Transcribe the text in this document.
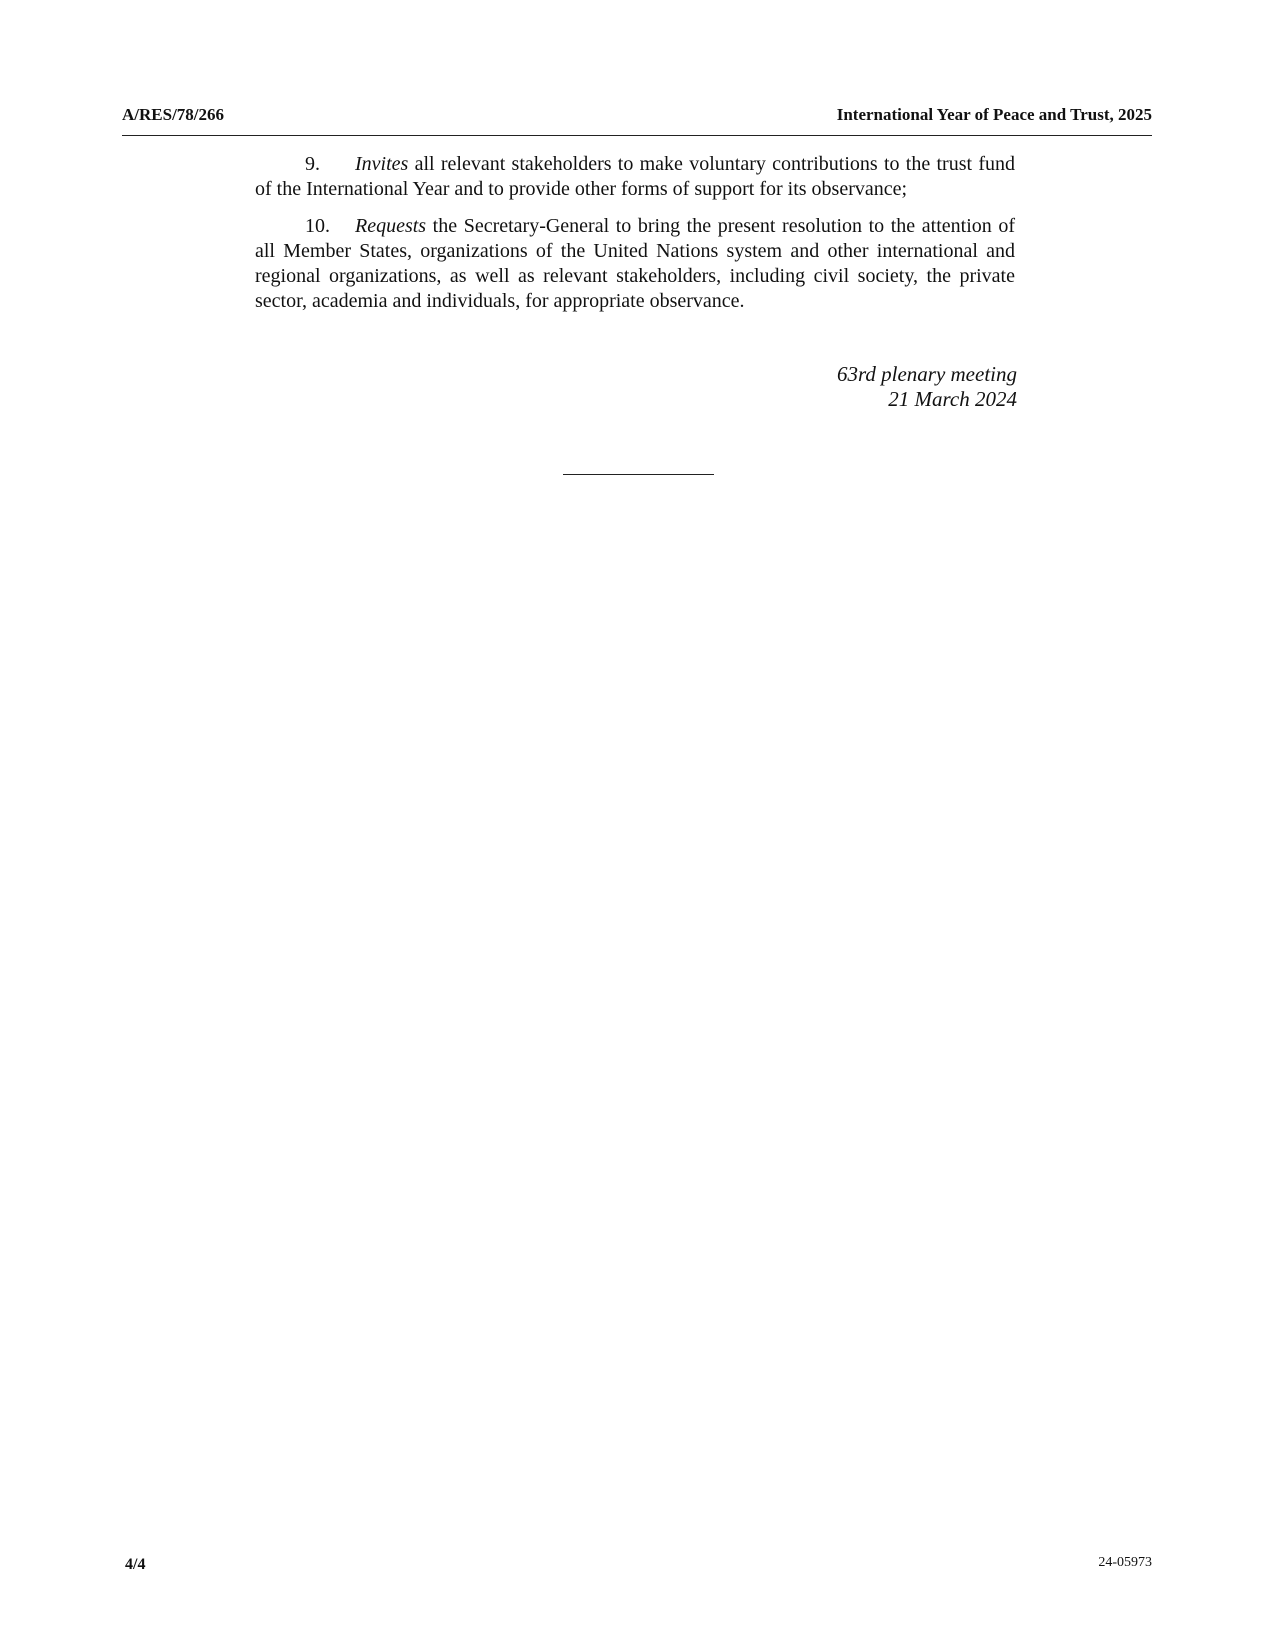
A/RES/78/266	International Year of Peace and Trust, 2025

9. Invites all relevant stakeholders to make voluntary contributions to the trust fund of the International Year and to provide other forms of support for its observance;

10. Requests the Secretary-General to bring the present resolution to the attention of all Member States, organizations of the United Nations system and other international and regional organizations, as well as relevant stakeholders, including civil society, the private sector, academia and individuals, for appropriate observance.

63rd plenary meeting
21 March 2024
4/4	24-05973
